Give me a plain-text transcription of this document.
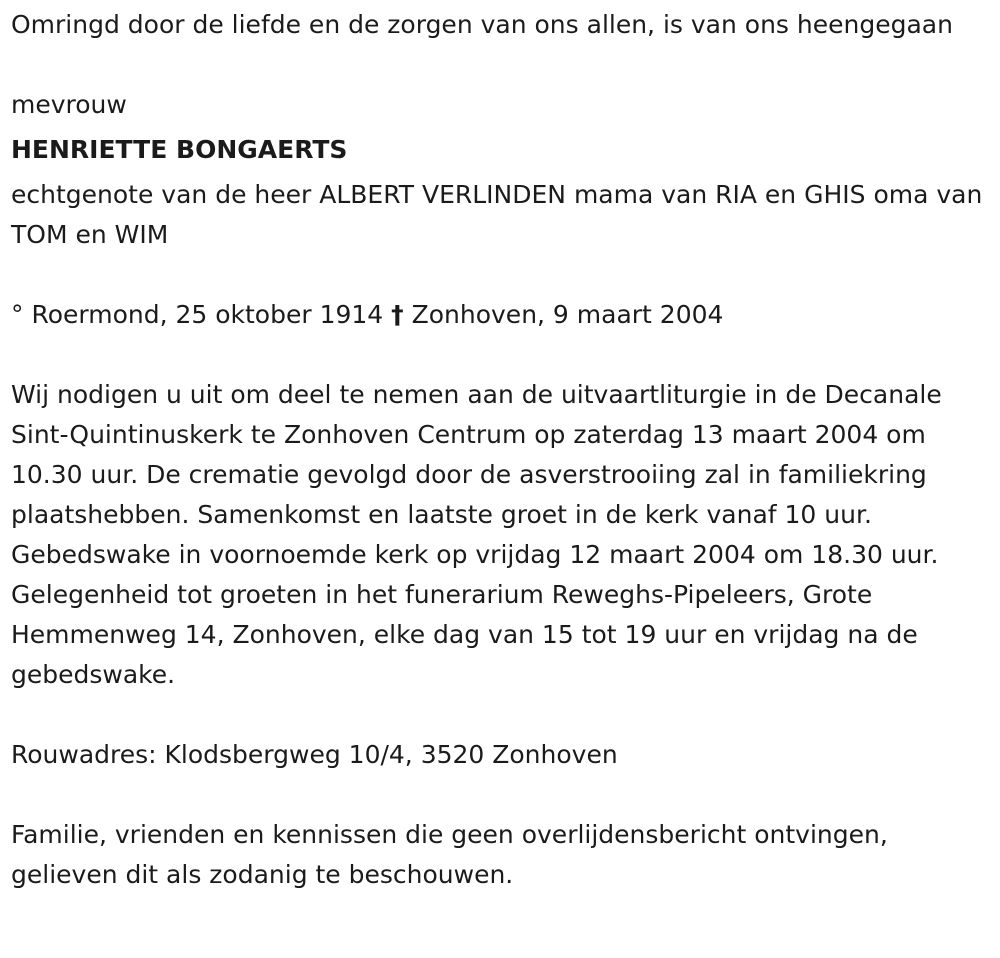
Omringd door de liefde en de zorgen van ons allen, is van ons heengegaan

mevrouw

HENRIETTE BONGAERTS

echtgenote van de heer ALBERT VERLINDEN mama van RIA en GHIS oma van TOM en WIM

° Roermond, 25 oktober 1914 † Zonhoven, 9 maart 2004

Wij nodigen u uit om deel te nemen aan de uitvaartliturgie in de Decanale Sint-Quintinuskerk te Zonhoven Centrum op zaterdag 13 maart 2004 om 10.30 uur. De crematie gevolgd door de asverstrooiing zal in familiekring plaatshebben. Samenkomst en laatste groet in de kerk vanaf 10 uur. Gebedswake in voornoemde kerk op vrijdag 12 maart 2004 om 18.30 uur. Gelegenheid tot groeten in het funerarium Reweghs-Pipeleers, Grote Hemmenweg 14, Zonhoven, elke dag van 15 tot 19 uur en vrijdag na de gebedswake.

Rouwadres: Klodsbergweg 10/4, 3520 Zonhoven

Familie, vrienden en kennissen die geen overlijdensbericht ontvingen, gelieven dit als zodanig te beschouwen.
